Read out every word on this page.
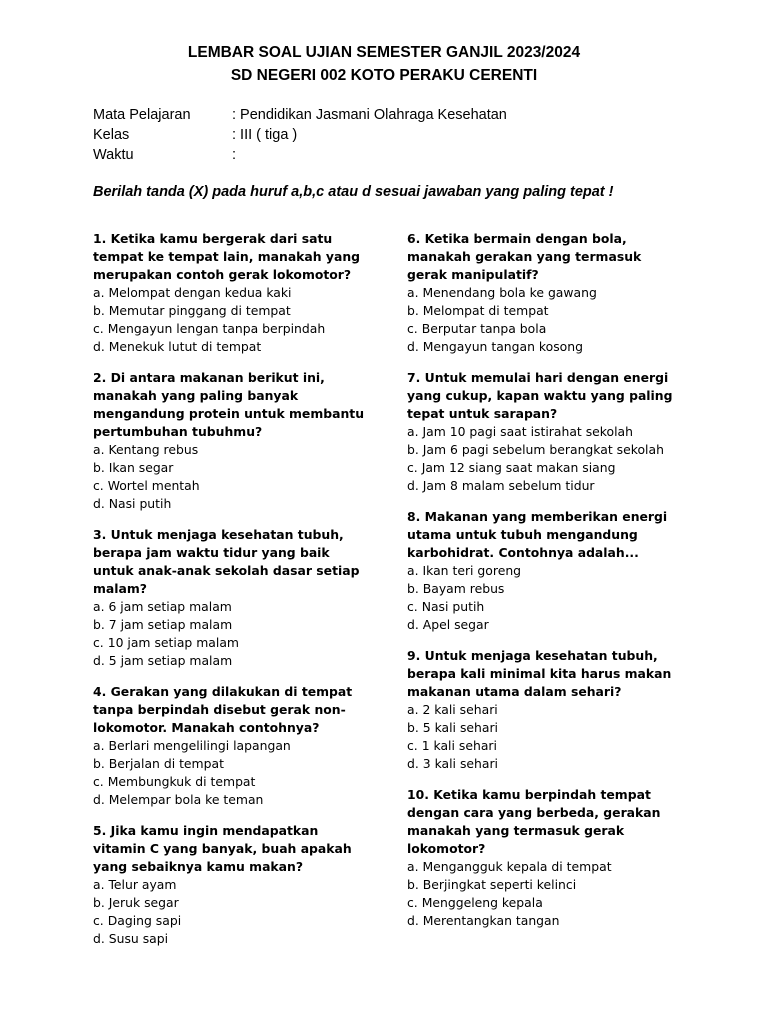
LEMBAR SOAL UJIAN SEMESTER GANJIL 2023/2024
SD NEGERI 002 KOTO PERAKU CERENTI
Mata Pelajaran	: Pendidikan Jasmani Olahraga Kesehatan
Kelas	: III ( tiga )
Waktu	:
Berilah tanda (X) pada huruf a,b,c atau d sesuai jawaban yang paling tepat !
1. Ketika kamu bergerak dari satu tempat ke tempat lain, manakah yang merupakan contoh gerak lokomotor?
a. Melompat dengan kedua kaki
b. Memutar pinggang di tempat
c. Mengayun lengan tanpa berpindah
d. Menekuk lutut di tempat
2. Di antara makanan berikut ini, manakah yang paling banyak mengandung protein untuk membantu pertumbuhan tubuhmu?
a. Kentang rebus
b. Ikan segar
c. Wortel mentah
d. Nasi putih
3. Untuk menjaga kesehatan tubuh, berapa jam waktu tidur yang baik untuk anak-anak sekolah dasar setiap malam?
a. 6 jam setiap malam
b. 7 jam setiap malam
c. 10 jam setiap malam
d. 5 jam setiap malam
4. Gerakan yang dilakukan di tempat tanpa berpindah disebut gerak non-lokomotor. Manakah contohnya?
a. Berlari mengelilingi lapangan
b. Berjalan di tempat
c. Membungkuk di tempat
d. Melempar bola ke teman
5. Jika kamu ingin mendapatkan vitamin C yang banyak, buah apakah yang sebaiknya kamu makan?
a. Telur ayam
b. Jeruk segar
c. Daging sapi
d. Susu sapi
6. Ketika bermain dengan bola, manakah gerakan yang termasuk gerak manipulatif?
a. Menendang bola ke gawang
b. Melompat di tempat
c. Berputar tanpa bola
d. Mengayun tangan kosong
7. Untuk memulai hari dengan energi yang cukup, kapan waktu yang paling tepat untuk sarapan?
a. Jam 10 pagi saat istirahat sekolah
b. Jam 6 pagi sebelum berangkat sekolah
c. Jam 12 siang saat makan siang
d. Jam 8 malam sebelum tidur
8. Makanan yang memberikan energi utama untuk tubuh mengandung karbohidrat. Contohnya adalah...
a. Ikan teri goreng
b. Bayam rebus
c. Nasi putih
d. Apel segar
9. Untuk menjaga kesehatan tubuh, berapa kali minimal kita harus makan makanan utama dalam sehari?
a. 2 kali sehari
b. 5 kali sehari
c. 1 kali sehari
d. 3 kali sehari
10. Ketika kamu berpindah tempat dengan cara yang berbeda, gerakan manakah yang termasuk gerak lokomotor?
a. Mengangguk kepala di tempat
b. Berjingkat seperti kelinci
c. Menggeleng kepala
d. Merentangkan tangan
